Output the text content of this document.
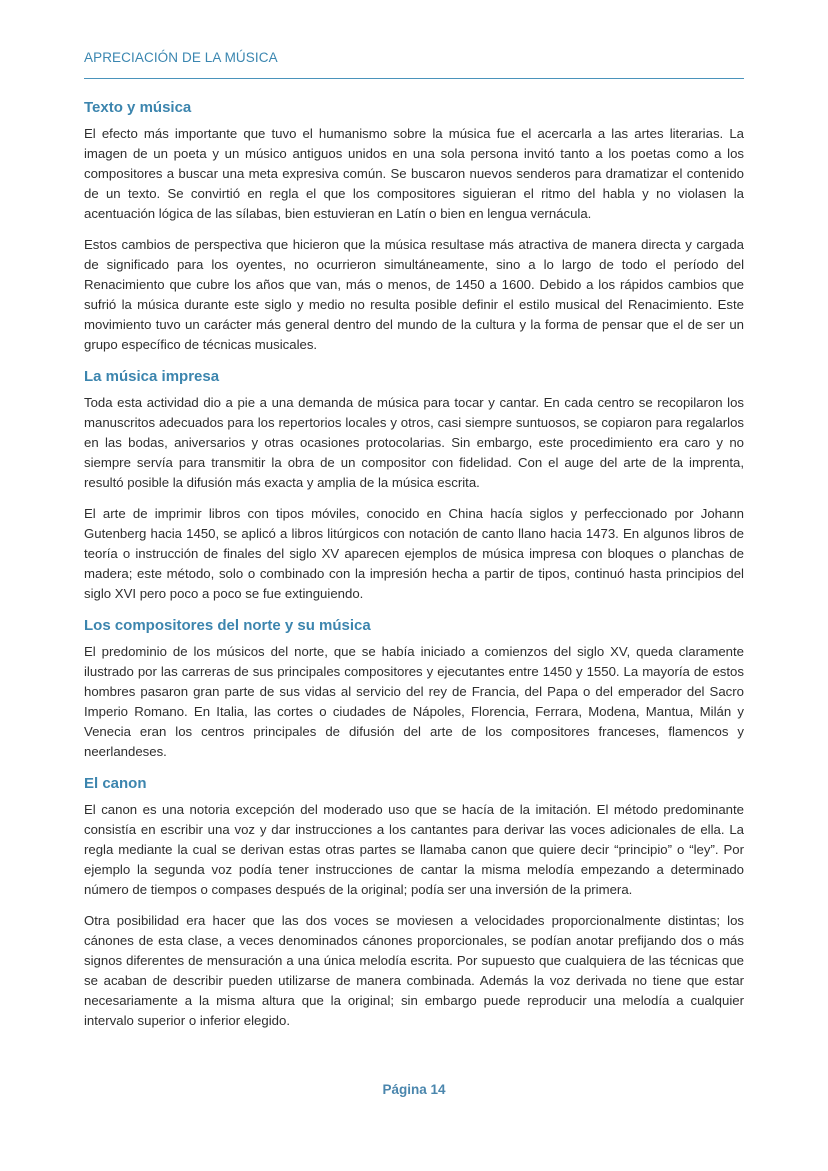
APRECIACIÓN DE LA MÚSICA
Texto y música

El efecto más importante que tuvo el humanismo sobre la música fue el acercarla a las artes literarias. La imagen de un poeta y un músico antiguos unidos en una sola persona invitó tanto a los poetas como a los compositores a buscar una meta expresiva común. Se buscaron nuevos senderos para dramatizar el contenido de un texto. Se convirtió en regla el que los compositores siguieran el ritmo del habla y no violasen la acentuación lógica de las sílabas, bien estuvieran en Latín o bien en lengua vernácula.

Estos cambios de perspectiva que hicieron que la música resultase más atractiva de manera directa y cargada de significado para los oyentes, no ocurrieron simultáneamente, sino a lo largo de todo el período del Renacimiento que cubre los años que van, más o menos, de 1450 a 1600. Debido a los rápidos cambios que sufrió la música durante este siglo y medio no resulta posible definir el estilo musical del Renacimiento. Este movimiento tuvo un carácter más general dentro del mundo de la cultura y la forma de pensar que el de ser un grupo específico de técnicas musicales.

La música impresa

Toda esta actividad dio a pie a una demanda de música para tocar y cantar. En cada centro se recopilaron los manuscritos adecuados para los repertorios locales y otros, casi siempre suntuosos, se copiaron para regalarlos en las bodas, aniversarios y otras ocasiones protocolarias. Sin embargo, este procedimiento era caro y no siempre servía para transmitir la obra de un compositor con fidelidad. Con el auge del arte de la imprenta, resultó posible la difusión más exacta y amplia de la música escrita.

El arte de imprimir libros con tipos móviles, conocido en China hacía siglos y perfeccionado por Johann Gutenberg hacia 1450, se aplicó a libros litúrgicos con notación de canto llano hacia 1473. En algunos libros de teoría o instrucción de finales del siglo XV aparecen ejemplos de música impresa con bloques o planchas de madera; este método, solo o combinado con la impresión hecha a partir de tipos, continuó hasta principios del siglo XVI pero poco a poco se fue extinguiendo.

Los compositores del norte y su música

El predominio de los músicos del norte, que se había iniciado a comienzos del siglo XV, queda claramente ilustrado por las carreras de sus principales compositores y ejecutantes entre 1450 y 1550. La mayoría de estos hombres pasaron gran parte de sus vidas al servicio del rey de Francia, del Papa o del emperador del Sacro Imperio Romano. En Italia, las cortes o ciudades de Nápoles, Florencia, Ferrara, Modena, Mantua, Milán y Venecia eran los centros principales de difusión del arte de los compositores franceses, flamencos y neerlandeses.

El canon

El canon es una notoria excepción del moderado uso que se hacía de la imitación. El método predominante consistía en escribir una voz y dar instrucciones a los cantantes para derivar las voces adicionales de ella. La regla mediante la cual se derivan estas otras partes se llamaba canon que quiere decir “principio” o “ley”. Por ejemplo la segunda voz podía tener instrucciones de cantar la misma melodía empezando a determinado número de tiempos o compases después de la original; podía ser una inversión de la primera.

Otra posibilidad era hacer que las dos voces se moviesen a velocidades proporcionalmente distintas; los cánones de esta clase, a veces denominados cánones proporcionales, se podían anotar prefijando dos o más signos diferentes de mensuración a una única melodía escrita. Por supuesto que cualquiera de las técnicas que se acaban de describir pueden utilizarse de manera combinada. Además la voz derivada no tiene que estar necesariamente a la misma altura que la original; sin embargo puede reproducir una melodía a cualquier intervalo superior o inferior elegido.

Página 14
